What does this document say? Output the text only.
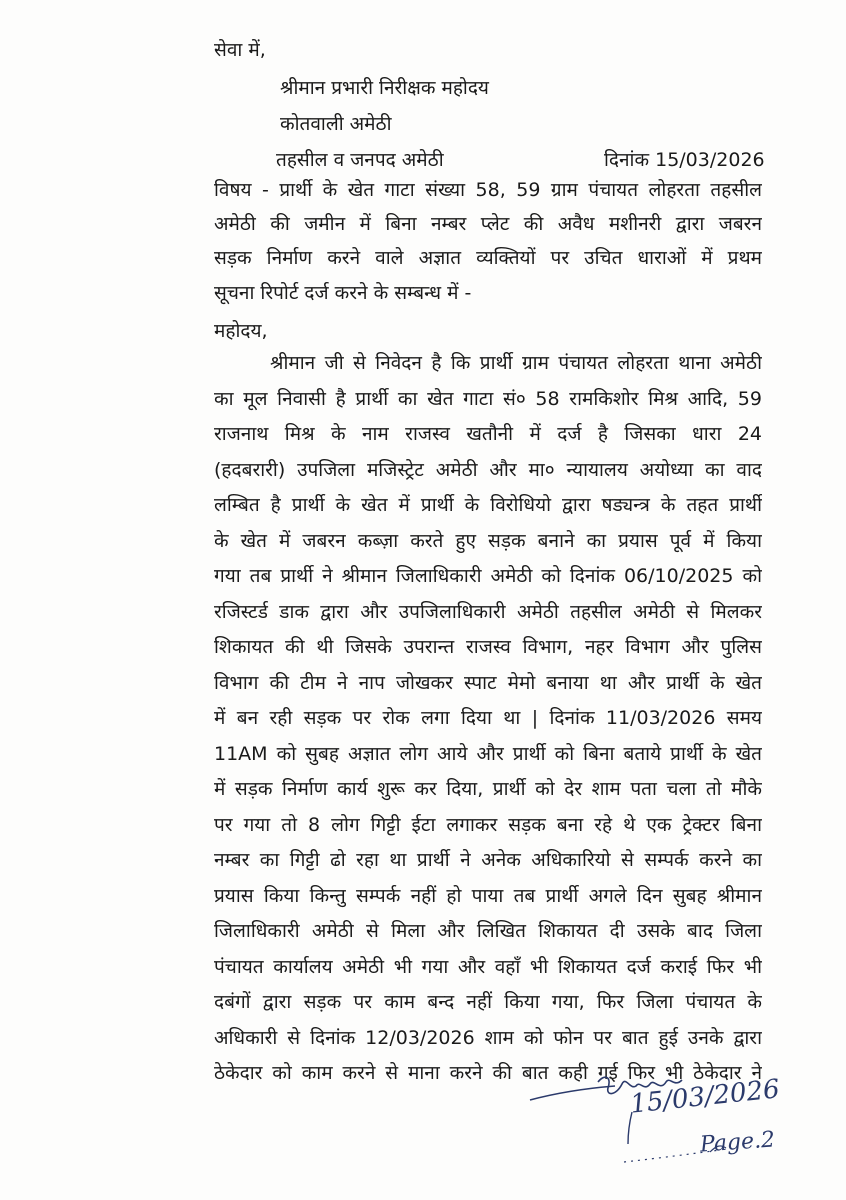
सेवा में,
श्रीमान प्रभारी निरीक्षक महोदय
कोतवाली अमेठी
तहसील व जनपद अमेठी	दिनांक 15/03/2026
विषय - प्रार्थी के खेत गाटा संख्या 58, 59 ग्राम पंचायत लोहरता तहसील
अमेठी की जमीन में बिना नम्बर प्लेट की अवैध मशीनरी द्वारा जबरन
सड़क निर्माण करने वाले अज्ञात व्यक्तियों पर उचित धाराओं में प्रथम
सूचना रिपोर्ट दर्ज करने के सम्बन्ध में -
महोदय,
श्रीमान जी से निवेदन है कि प्रार्थी ग्राम पंचायत लोहरता थाना अमेठी
का मूल निवासी है प्रार्थी का खेत गाटा सं० 58 रामकिशोर मिश्र आदि, 59
राजनाथ मिश्र के नाम राजस्व खतौनी में दर्ज है जिसका धारा 24
(हदबरारी) उपजिला मजिस्ट्रेट अमेठी और मा० न्यायालय अयोध्या का वाद
लम्बित है प्रार्थी के खेत में प्रार्थी के विरोधियो द्वारा षड्यन्त्र के तहत प्रार्थी
के खेत में जबरन कब्ज़ा करते हुए सड़क बनाने का प्रयास पूर्व में किया
गया तब प्रार्थी ने श्रीमान जिलाधिकारी अमेठी को दिनांक 06/10/2025 को
रजिस्टर्ड डाक द्वारा और उपजिलाधिकारी अमेठी तहसील अमेठी से मिलकर
शिकायत की थी जिसके उपरान्त राजस्व विभाग, नहर विभाग और पुलिस
विभाग की टीम ने नाप जोखकर स्पाट मेमो बनाया था और प्रार्थी के खेत
में बन रही सड़क पर रोक लगा दिया था | दिनांक 11/03/2026 समय
11AM को सुबह अज्ञात लोग आये और प्रार्थी को बिना बताये प्रार्थी के खेत
में सड़क निर्माण कार्य शुरू कर दिया, प्रार्थी को देर शाम पता चला तो मौके
पर गया तो 8 लोग गिट्टी ईटा लगाकर सड़क बना रहे थे एक ट्रेक्टर बिना
नम्बर का गिट्टी ढो रहा था प्रार्थी ने अनेक अधिकारियो से सम्पर्क करने का
प्रयास किया किन्तु सम्पर्क नहीं हो पाया तब प्रार्थी अगले दिन सुबह श्रीमान
जिलाधिकारी अमेठी से मिला और लिखित शिकायत दी उसके बाद जिला
पंचायत कार्यालय अमेठी भी गया और वहाँ भी शिकायत दर्ज कराई फिर भी
दबंगों द्वारा सड़क पर काम बन्द नहीं किया गया, फिर जिला पंचायत के
अधिकारी से दिनांक 12/03/2026 शाम को फोन पर बात हुई उनके द्वारा
ठेकेदार को काम करने से माना करने की बात कही गई फिर भी ठेकेदार ने
15/03/2026
Page.2
